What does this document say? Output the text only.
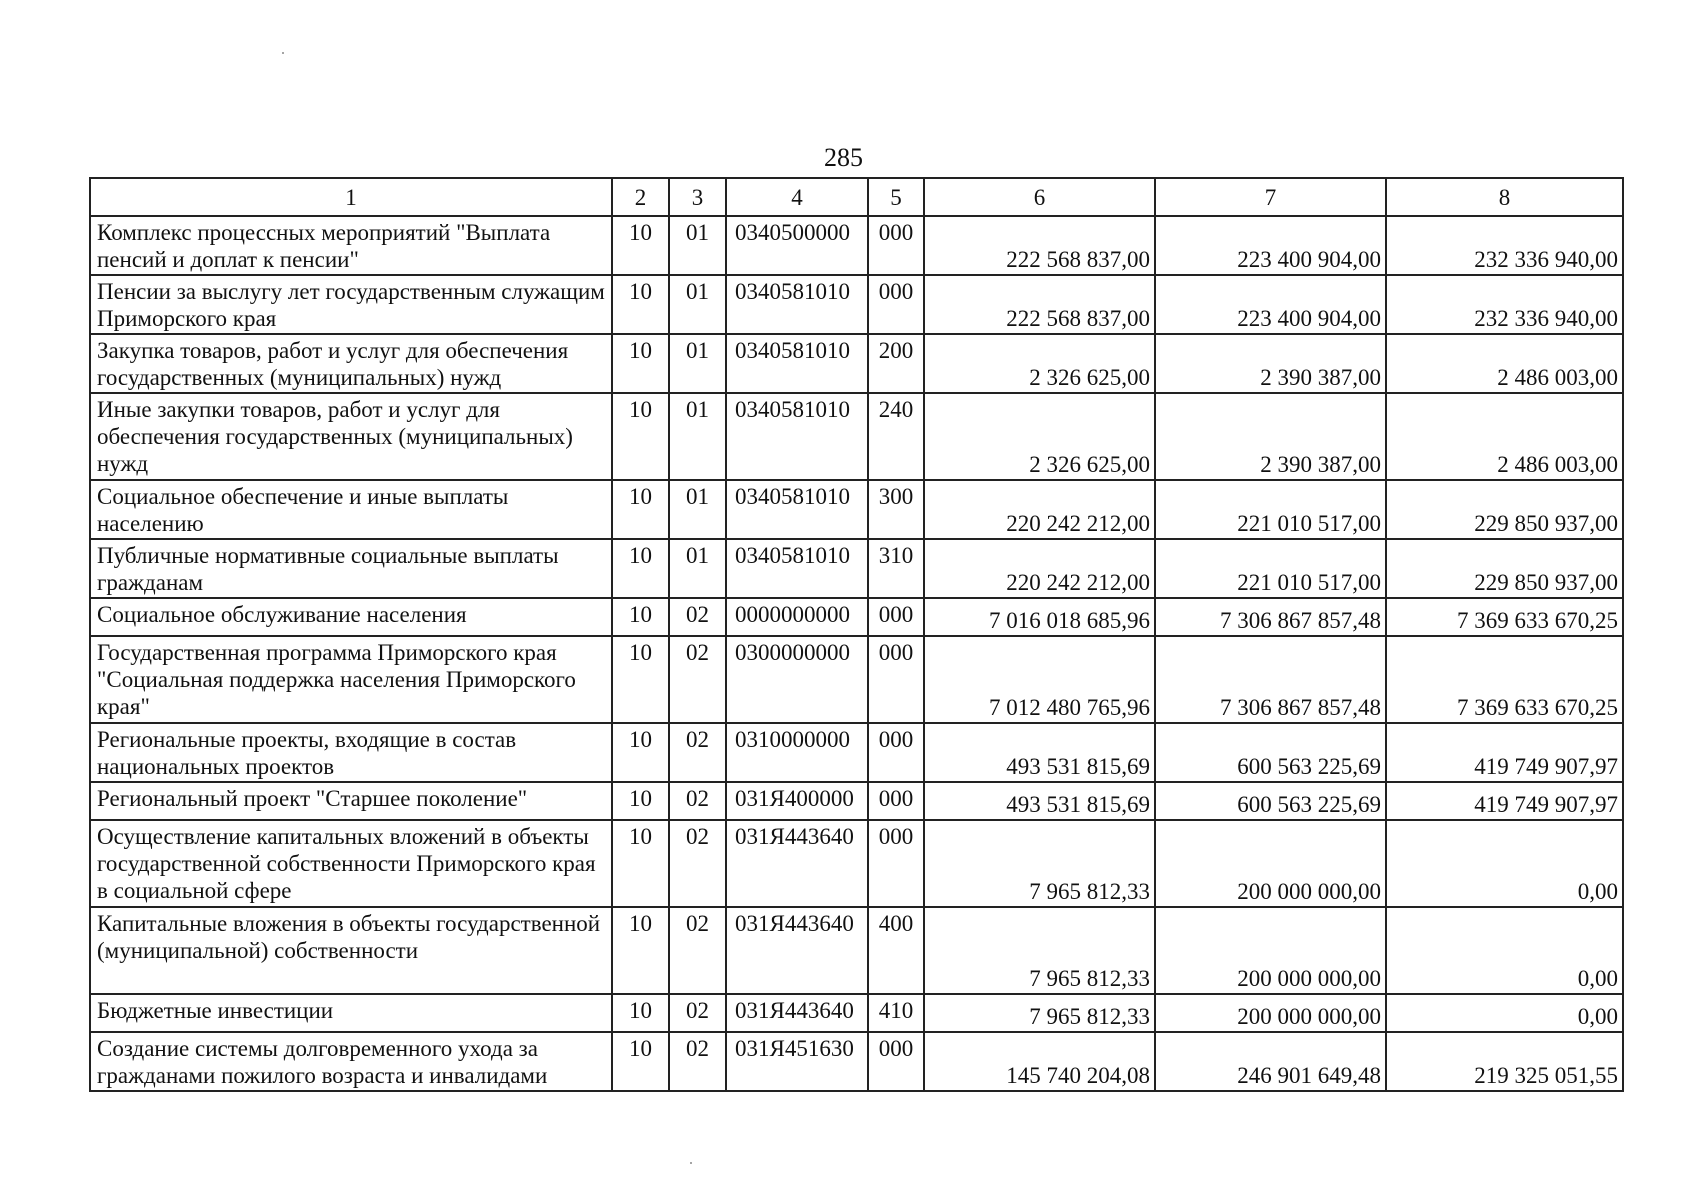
285
1	2	3	4	5	6	7	8
Комплекс процессных мероприятий "Выплата пенсий и доплат к пенсии"	10	01	0340500000	000	222 568 837,00	223 400 904,00	232 336 940,00
Пенсии за выслугу лет государственным служащим Приморского края	10	01	0340581010	000	222 568 837,00	223 400 904,00	232 336 940,00
Закупка товаров, работ и услуг для обеспечения государственных (муниципальных) нужд	10	01	0340581010	200	2 326 625,00	2 390 387,00	2 486 003,00
Иные закупки товаров, работ и услуг для обеспечения государственных (муниципальных) нужд	10	01	0340581010	240	2 326 625,00	2 390 387,00	2 486 003,00
Социальное обеспечение и иные выплаты населению	10	01	0340581010	300	220 242 212,00	221 010 517,00	229 850 937,00
Публичные нормативные социальные выплаты гражданам	10	01	0340581010	310	220 242 212,00	221 010 517,00	229 850 937,00
Социальное обслуживание населения	10	02	0000000000	000	7 016 018 685,96	7 306 867 857,48	7 369 633 670,25
Государственная программа Приморского края "Социальная поддержка населения Приморского края"	10	02	0300000000	000	7 012 480 765,96	7 306 867 857,48	7 369 633 670,25
Региональные проекты, входящие в состав национальных проектов	10	02	0310000000	000	493 531 815,69	600 563 225,69	419 749 907,97
Региональный проект "Старшее поколение"	10	02	031Я400000	000	493 531 815,69	600 563 225,69	419 749 907,97
Осуществление капитальных вложений в объекты государственной собственности Приморского края в социальной сфере	10	02	031Я443640	000	7 965 812,33	200 000 000,00	0,00
Капитальные вложения в объекты государственной (муниципальной) собственности	10	02	031Я443640	400	7 965 812,33	200 000 000,00	0,00
Бюджетные инвестиции	10	02	031Я443640	410	7 965 812,33	200 000 000,00	0,00
Создание системы долговременного ухода за гражданами пожилого возраста и инвалидами	10	02	031Я451630	000	145 740 204,08	246 901 649,48	219 325 051,55
